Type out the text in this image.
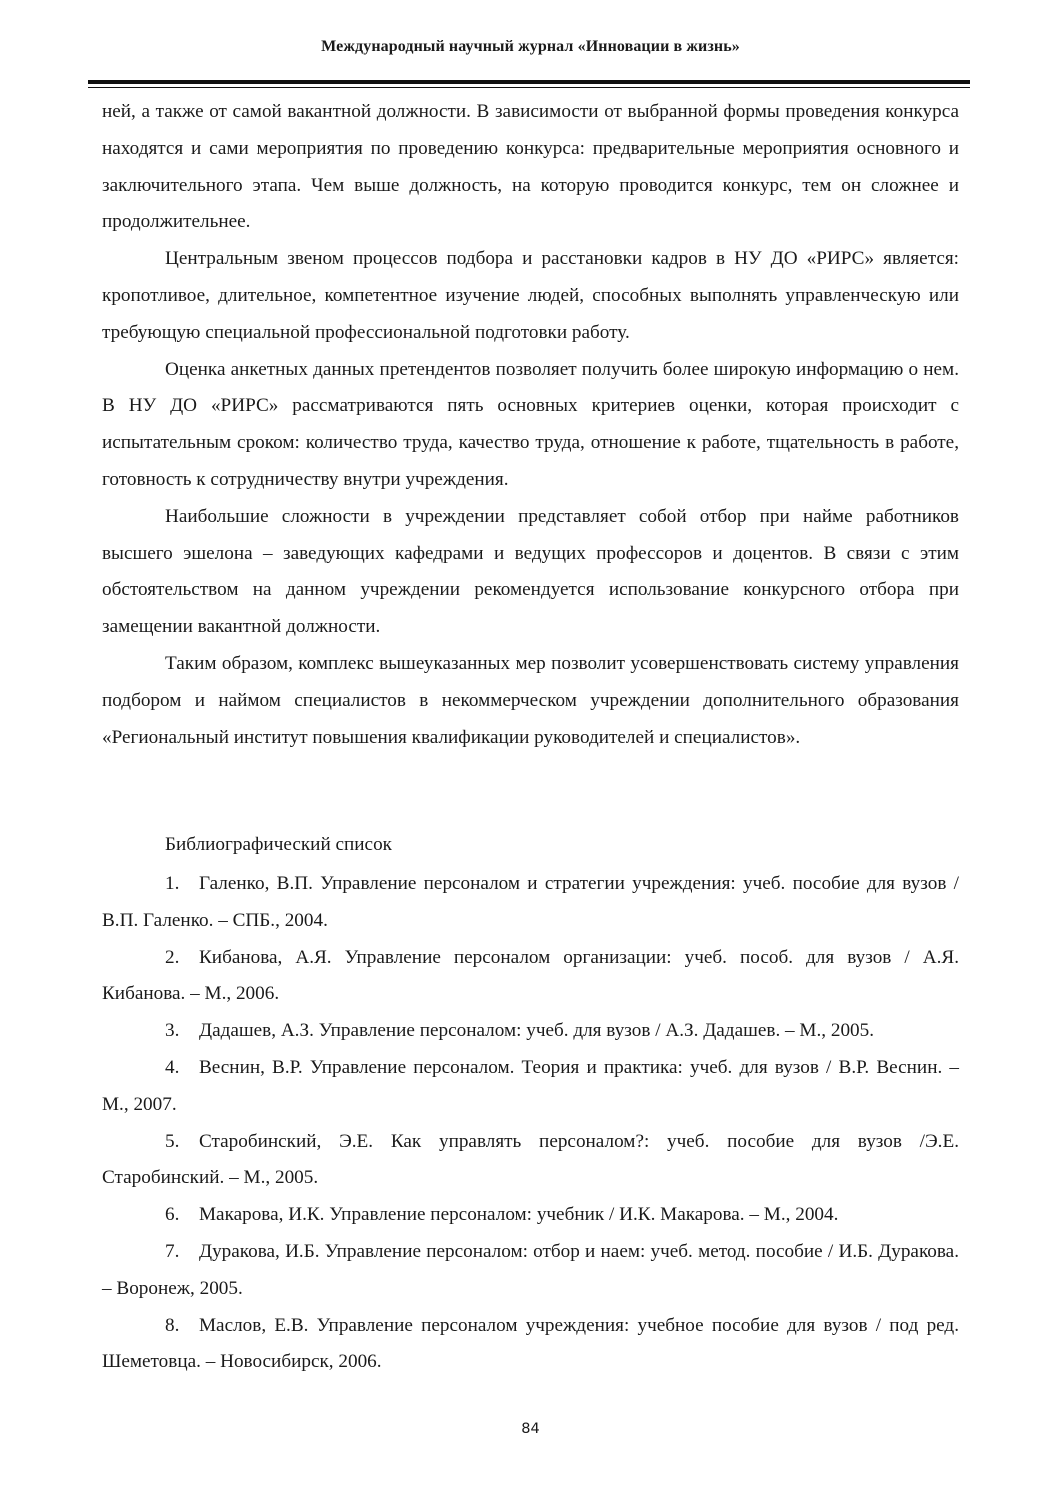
Международный научный журнал «Инновации в жизнь»

ней, а также от самой вакантной должности. В зависимости от выбранной формы проведения конкурса находятся и сами мероприятия по проведению конкурса: предварительные мероприятия основного и заключительного этапа. Чем выше должность, на которую проводится конкурс, тем он сложнее и продолжительнее.

Центральным звеном процессов подбора и расстановки кадров в НУ ДО «РИРС» является: кропотливое, длительное, компетентное изучение людей, способных выполнять управленческую или требующую специальной профессиональной подготовки работу.

Оценка анкетных данных претендентов позволяет получить более широкую информацию о нем. В НУ ДО «РИРС» рассматриваются пять основных критериев оценки, которая происходит с испытательным сроком: количество труда, качество труда, отношение к работе, тщательность в работе, готовность к сотрудничеству внутри учреждения.

Наибольшие сложности в учреждении представляет собой отбор при найме работников высшего эшелона – заведующих кафедрами и ведущих профессоров и доцентов. В связи с этим обстоятельством на данном учреждении рекомендуется использование конкурсного отбора при замещении вакантной должности.

Таким образом, комплекс вышеуказанных мер позволит усовершенствовать систему управления подбором и наймом специалистов в некоммерческом учреждении дополнительного образования «Региональный институт повышения квалификации руководителей и специалистов».

Библиографический список
1. Галенко, В.П. Управление персоналом и стратегии учреждения: учеб. пособие для вузов / В.П. Галенко. – СПБ., 2004.
2. Кибанова, А.Я. Управление персоналом организации: учеб. пособ. для вузов / А.Я. Кибанова. – М., 2006.
3. Дадашев, А.З. Управление персоналом: учеб. для вузов / А.З. Дадашев. – М., 2005.
4. Веснин, В.Р. Управление персоналом. Теория и практика: учеб. для вузов / В.Р. Веснин. – М., 2007.
5. Старобинский, Э.Е. Как управлять персоналом?: учеб. пособие для вузов /Э.Е. Старобинский. – М., 2005.
6. Макарова, И.К. Управление персоналом: учебник / И.К. Макарова. – М., 2004.
7. Дуракова, И.Б. Управление персоналом: отбор и наем: учеб. метод. пособие / И.Б. Дуракова. – Воронеж, 2005.
8. Маслов, Е.В. Управление персоналом учреждения: учебное пособие для вузов / под ред. Шеметовца. – Новосибирск, 2006.
84
